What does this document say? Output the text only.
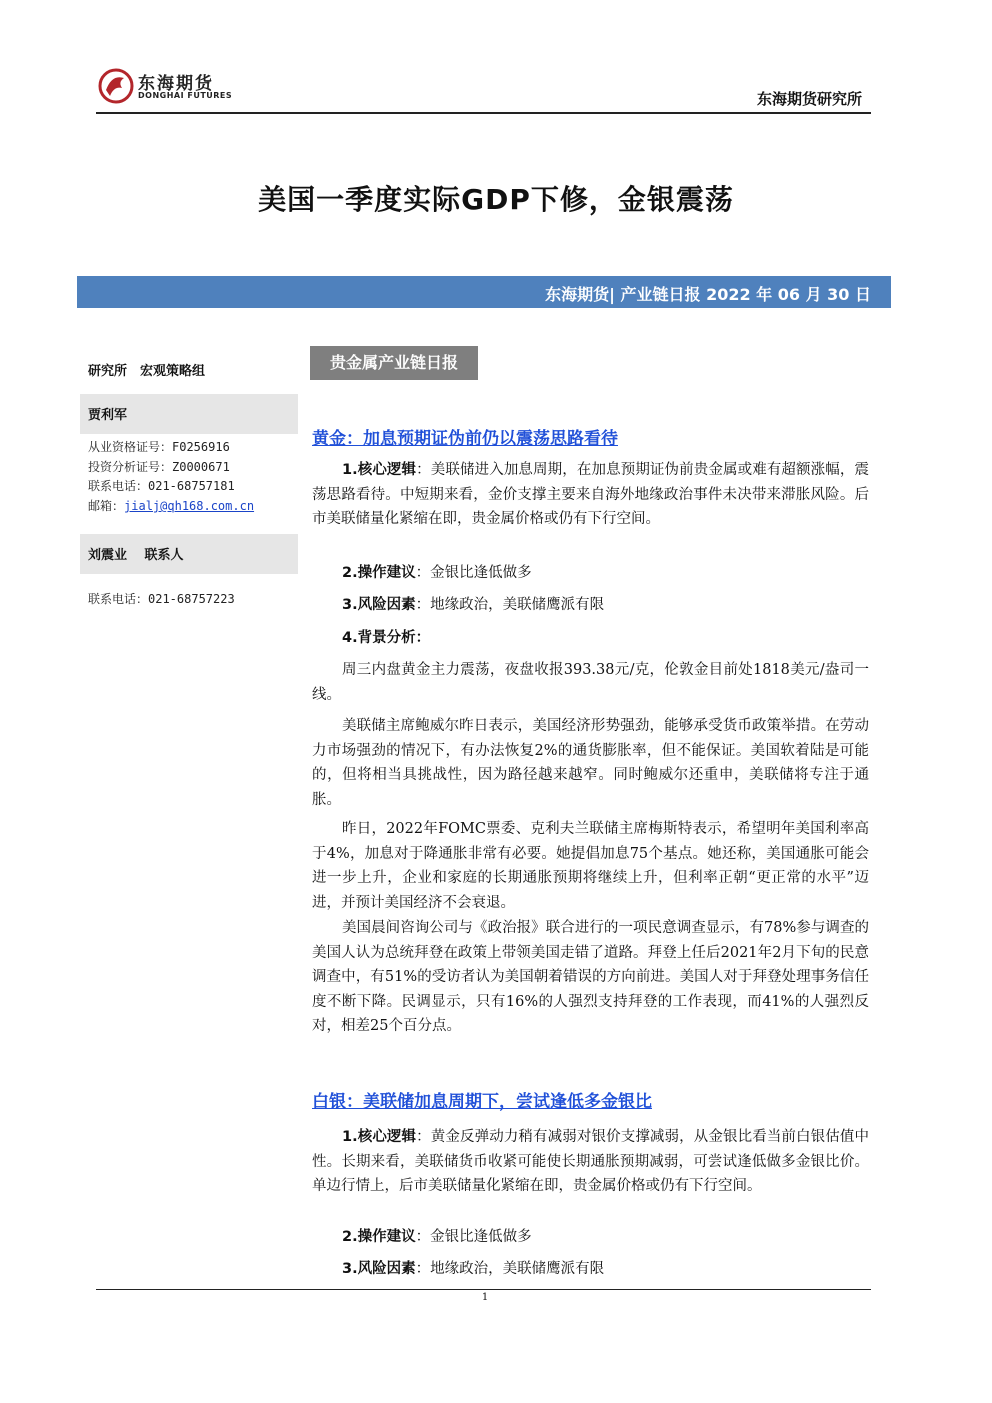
东海期货
DONGHAI FUTURES	东海期货研究所
美国一季度实际GDP下修，金银震荡
东海期货| 产业链日报 2022 年 06 月 30 日
研究所　宏观策略组
贾利军
从业资格证号：F0256916
投资分析证号：Z0000671
联系电话：021-68757181
邮箱：jialj@qh168.com.cn
刘震业　 联系人
联系电话：021-68757223
贵金属产业链日报
黄金：加息预期证伪前仍以震荡思路看待
1.核心逻辑：美联储进入加息周期，在加息预期证伪前贵金属或难有超额涨幅，震荡思路看待。中短期来看，金价支撑主要来自海外地缘政治事件未决带来滞胀风险。后市美联储量化紧缩在即，贵金属价格或仍有下行空间。
2.操作建议：金银比逢低做多
3.风险因素：地缘政治，美联储鹰派有限
4.背景分析：
周三内盘黄金主力震荡，夜盘收报393.38元/克，伦敦金目前处1818美元/盎司一线。
美联储主席鲍威尔昨日表示，美国经济形势强劲，能够承受货币政策举措。在劳动力市场强劲的情况下，有办法恢复2%的通货膨胀率，但不能保证。美国软着陆是可能的，但将相当具挑战性，因为路径越来越窄。同时鲍威尔还重申，美联储将专注于通胀。
昨日，2022年FOMC票委、克利夫兰联储主席梅斯特表示，希望明年美国利率高于4%，加息对于降通胀非常有必要。她提倡加息75个基点。她还称，美国通胀可能会进一步上升，企业和家庭的长期通胀预期将继续上升，但利率正朝“更正常的水平”迈进，并预计美国经济不会衰退。
美国晨间咨询公司与《政治报》联合进行的一项民意调查显示，有78%参与调查的美国人认为总统拜登在政策上带领美国走错了道路。拜登上任后2021年2月下旬的民意调查中，有51%的受访者认为美国朝着错误的方向前进。美国人对于拜登处理事务信任度不断下降。民调显示，只有16%的人强烈支持拜登的工作表现，而41%的人强烈反对，相差25个百分点。
白银：美联储加息周期下，尝试逢低多金银比
1.核心逻辑：黄金反弹动力稍有减弱对银价支撑减弱，从金银比看当前白银估值中性。长期来看，美联储货币收紧可能使长期通胀预期减弱，可尝试逢低做多金银比价。单边行情上，后市美联储量化紧缩在即，贵金属价格或仍有下行空间。
2.操作建议：金银比逢低做多
3.风险因素：地缘政治，美联储鹰派有限
1
